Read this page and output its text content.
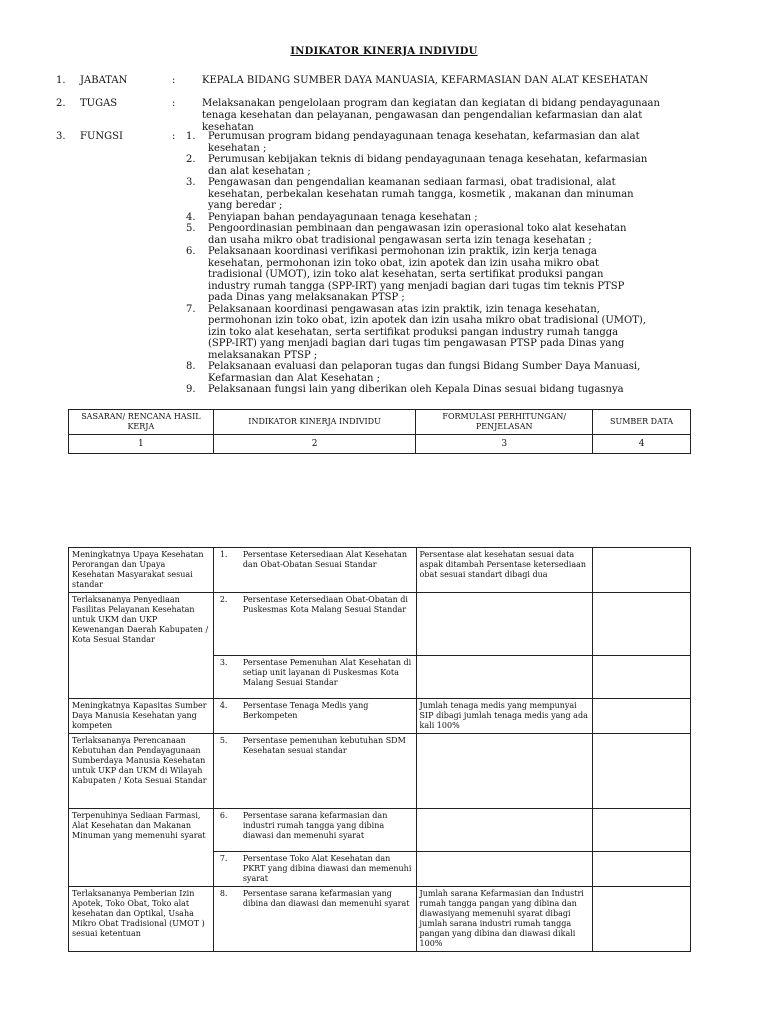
INDIKATOR KINERJA INDIVIDU
1. JABATAN	:	KEPALA BIDANG SUMBER DAYA MANUASIA, KEFARMASIAN DAN ALAT KESEHATAN
2. TUGAS	:	Melaksanakan pengelolaan program dan kegiatan dan kegiatan di bidang pendayagunaan tenaga kesehatan dan pelayanan, pengawasan dan pengendalian kefarmasian dan alat kesehatan
3. FUNGSI	: 1. Perumusan program bidang pendayagunaan tenaga kesehatan, kefarmasian dan alat kesehatan ;
2. Perumusan kebijakan teknis di bidang pendayagunaan tenaga kesehatan, kefarmasian dan alat kesehatan ;
3. Pengawasan dan pengendalian keamanan sediaan farmasi, obat tradisional, alat kesehatan, perbekalan kesehatan rumah tangga, kosmetik , makanan dan minuman yang beredar ;
4. Penyiapan bahan pendayagunaan tenaga kesehatan ;
5. Pengoordinasian pembinaan dan pengawasan izin operasional toko alat kesehatan dan usaha mikro obat tradisional pengawasan serta izin tenaga kesehatan ;
6. Pelaksanaan koordinasi verifikasi permohonan izin praktik, izin kerja tenaga kesehatan, permohonan izin toko obat, izin apotek dan izin usaha mikro obat tradisional (UMOT), izin toko alat kesehatan, serta sertifikat produksi pangan industry rumah tangga (SPP-IRT) yang menjadi bagian dari tugas tim teknis PTSP pada Dinas yang melaksanakan PTSP ;
7. Pelaksanaan koordinasi pengawasan atas izin praktik, izin tenaga kesehatan, permohonan izin toko obat, izin apotek dan izin usaha mikro obat tradisional (UMOT), izin toko alat kesehatan, serta sertifikat produksi pangan industry rumah tangga (SPP-IRT) yang menjadi bagian dari tugas tim pengawasan PTSP pada Dinas yang melaksanakan PTSP ;
8. Pelaksanaan evaluasi dan pelaporan tugas dan fungsi Bidang Sumber Daya Manuasi, Kefarmasian dan Alat Kesehatan ;
9. Pelaksanaan fungsi lain yang diberikan oleh Kepala Dinas sesuai bidang tugasnya
SASARAN/ RENCANA HASIL KERJA	INDIKATOR KINERJA INDIVIDU	FORMULASI PERHITUNGAN/ PENJELASAN	SUMBER DATA
1	2	3	4
Meningkatnya Upaya Kesehatan Perorangan dan Upaya Kesehatan Masyarakat sesuai standar	1. Persentase Ketersediaan Alat Kesehatan dan Obat-Obatan Sesuai Standar	Persentase alat kesehatan sesuai data aspak ditambah Persentase ketersediaan obat sesuai standart dibagi dua	
Terlaksananya Penyediaan Fasilitas Pelayanan Kesehatan untuk UKM dan UKP Kewenangan Daerah Kabupaten / Kota Sesuai Standar	2. Persentase Ketersediaan Obat-Obatan di Puskesmas Kota Malang Sesuai Standar		

	3. Persentase Pemenuhan Alat Kesehatan di setiap unit layanan di Puskesmas Kota Malang Sesuai Standar		

Meningkatnya Kapasitas Sumber Daya Manusia Kesehatan yang kompeten	4. Persentase Tenaga Medis yang Berkompeten	Jumlah tenaga medis yang mempunyai SIP dibagi jumlah tenaga medis yang ada kali 100%	
Terlaksananya Perencanaan Kebutuhan dan Pendayagunaan Sumberdaya Manusia Kesehatan untuk UKP dan UKM di Wilayah Kabupaten / Kota Sesuai Standar	5. Persentase pemenuhan kebutuhan SDM Kesehatan sesuai standar		

Terpenuhinya Sediaan Farmasi, Alat Kesehatan dan Makanan Minuman yang memenuhi syarat	6. Persentase sarana kefarmasian dan industri rumah tangga yang dibina diawasi dan memenuhi syarat		

	7. Persentase Toko Alat Kesehatan dan PKRT yang dibina diawasi dan memenuhi syarat		

Terlaksananya Pemberian Izin Apotek, Toko Obat, Toko alat kesehatan dan Optikal, Usaha Mikro Obat Tradisional (UMOT ) sesuai ketentuan	8. Persentase sarana kefarmasian yang dibina dan diawasi dan memenuhi syarat	Jumlah sarana Kefarmasian dan Industri rumah tangga pangan yang dibina dan diawasiyang memenuhi syarat dibagi jumlah sarana industri rumah tangga pangan yang dibina dan diawasi dikali 100%	
